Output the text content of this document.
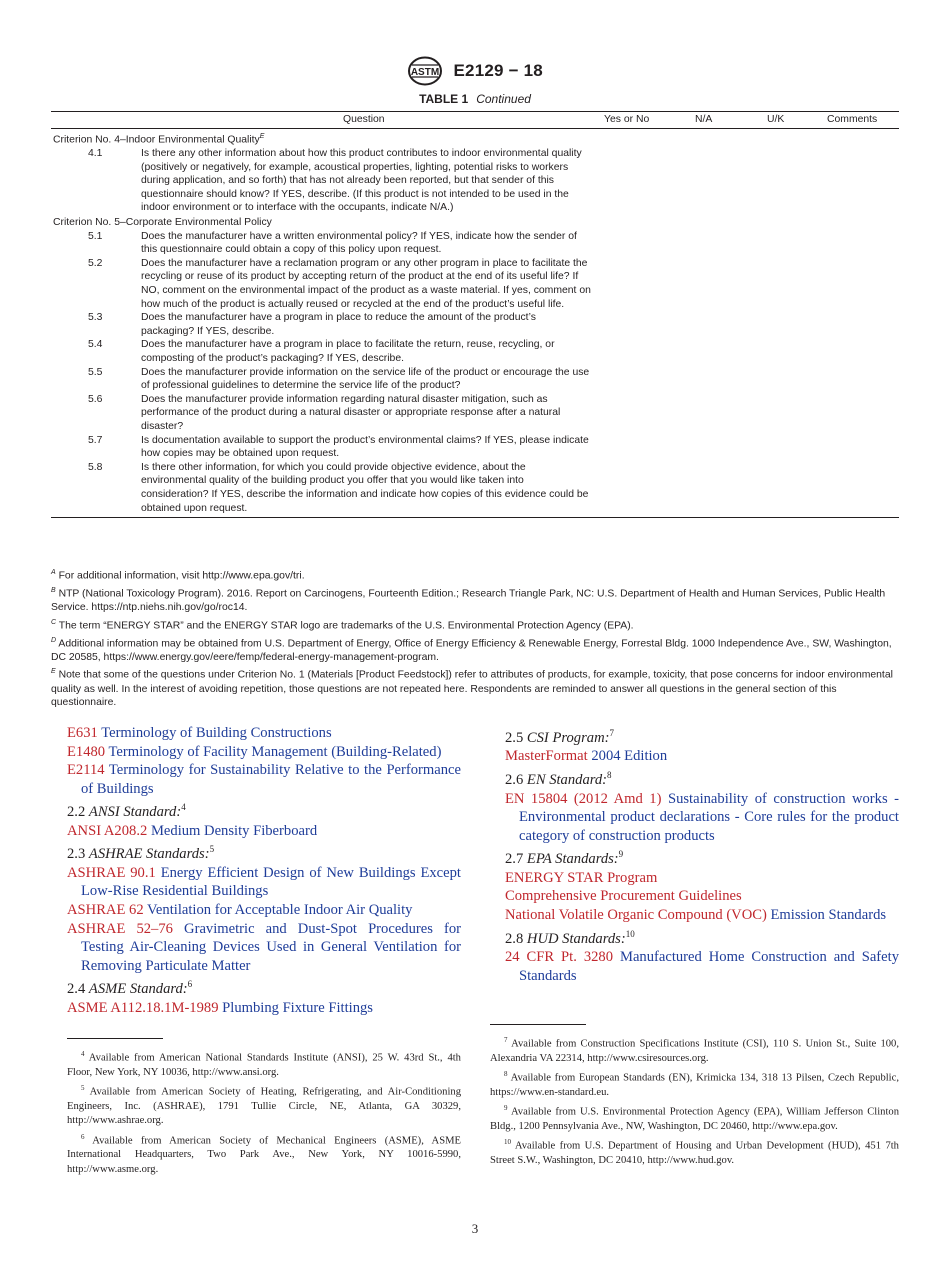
ASTM E2129 − 18
TABLE 1 Continued
Question	Yes or No	N/A	U/K	Comments
Criterion No. 4–Indoor Environmental Quality$^E$
4.1	Is there any other information about how this product contributes to indoor environmental quality (positively or negatively, for example, acoustical properties, lighting, potential risks to workers during application, and so forth) that has not already been reported, but that sender of this questionnaire should know? If YES, describe. (If this product is not intended to be used in the indoor environment or to interface with the occupants, indicate N/A.)
Criterion No. 5–Corporate Environmental Policy
5.1	Does the manufacturer have a written environmental policy? If YES, indicate how the sender of this questionnaire could obtain a copy of this policy upon request.
5.2	Does the manufacturer have a reclamation program or any other program in place to facilitate the recycling or reuse of its product by accepting return of the product at the end of its useful life? If NO, comment on the environmental impact of the product as a waste material. If yes, comment on how much of the product is actually reused or recycled at the end of the product’s useful life.
5.3	Does the manufacturer have a program in place to reduce the amount of the product’s packaging? If YES, describe.
5.4	Does the manufacturer have a program in place to facilitate the return, reuse, recycling, or composting of the product’s packaging? If YES, describe.
5.5	Does the manufacturer provide information on the service life of the product or encourage the use of professional guidelines to determine the service life of the product?
5.6	Does the manufacturer provide information regarding natural disaster mitigation, such as performance of the product during a natural disaster or appropriate response after a natural disaster?
5.7	Is documentation available to support the product’s environmental claims? If YES, please indicate how copies may be obtained upon request.
5.8	Is there other information, for which you could provide objective evidence, about the environmental quality of the building product you offer that you would like taken into consideration? If YES, describe the information and indicate how copies of this evidence could be obtained upon request.

$^A$ For additional information, visit http://www.epa.gov/tri.

$^B$ NTP (National Toxicology Program). 2016. Report on Carcinogens, Fourteenth Edition.; Research Triangle Park, NC: U.S. Department of Health and Human Services, Public Health Service. https://ntp.niehs.nih.gov/go/roc14.

$^C$ The term “ENERGY STAR” and the ENERGY STAR logo are trademarks of the U.S. Environmental Protection Agency (EPA).

$^D$ Additional information may be obtained from U.S. Department of Energy, Office of Energy Efficiency & Renewable Energy, Forrestal Bldg. 1000 Independence Ave., SW, Washington, DC 20585, https://www.energy.gov/eere/femp/federal-energy-management-program.

$^E$ Note that some of the questions under Criterion No. 1 (Materials [Product Feedstock]) refer to attributes of products, for example, toxicity, that pose concerns for indoor environmental quality as well. In the interest of avoiding repetition, those questions are not repeated here. Respondents are reminded to answer all questions in the general section of this questionnaire.

E631 Terminology of Building Constructions

E1480 Terminology of Facility Management (Building-Related)

E2114 Terminology for Sustainability Relative to the Performance of Buildings

2.2 ANSI Standard:$^4$

ANSI A208.2 Medium Density Fiberboard

2.3 ASHRAE Standards:$^5$

ASHRAE 90.1 Energy Efficient Design of New Buildings Except Low-Rise Residential Buildings

ASHRAE 62 Ventilation for Acceptable Indoor Air Quality

ASHRAE 52–76 Gravimetric and Dust-Spot Procedures for Testing Air-Cleaning Devices Used in General Ventilation for Removing Particulate Matter

2.4 ASME Standard:$^6$

ASME A112.18.1M-1989 Plumbing Fixture Fittings

2.5 CSI Program:$^7$

MasterFormat 2004 Edition

2.6 EN Standard:$^8$

EN 15804 (2012 Amd 1) Sustainability of construction works - Environmental product declarations - Core rules for the product category of construction products

2.7 EPA Standards:$^9$

ENERGY STAR Program

Comprehensive Procurement Guidelines

National Volatile Organic Compound (VOC) Emission Standards

2.8 HUD Standards:$^{10}$

24 CFR Pt. 3280 Manufactured Home Construction and Safety Standards

$^4$ Available from American National Standards Institute (ANSI), 25 W. 43rd St., 4th Floor, New York, NY 10036, http://www.ansi.org.

$^5$ Available from American Society of Heating, Refrigerating, and Air-Conditioning Engineers, Inc. (ASHRAE), 1791 Tullie Circle, NE, Atlanta, GA 30329, http://www.ashrae.org.

$^6$ Available from American Society of Mechanical Engineers (ASME), ASME International Headquarters, Two Park Ave., New York, NY 10016-5990, http://www.asme.org.

$^7$ Available from Construction Specifications Institute (CSI), 110 S. Union St., Suite 100, Alexandria VA 22314, http://www.csiresources.org.

$^8$ Available from European Standards (EN), Krimicka 134, 318 13 Pilsen, Czech Republic, https://www.en-standard.eu.

$^9$ Available from U.S. Environmental Protection Agency (EPA), William Jefferson Clinton Bldg., 1200 Pennsylvania Ave., NW, Washington, DC 20460, http://www.epa.gov.

$^{10}$ Available from U.S. Department of Housing and Urban Development (HUD), 451 7th Street S.W., Washington, DC 20410, http://www.hud.gov.

3
